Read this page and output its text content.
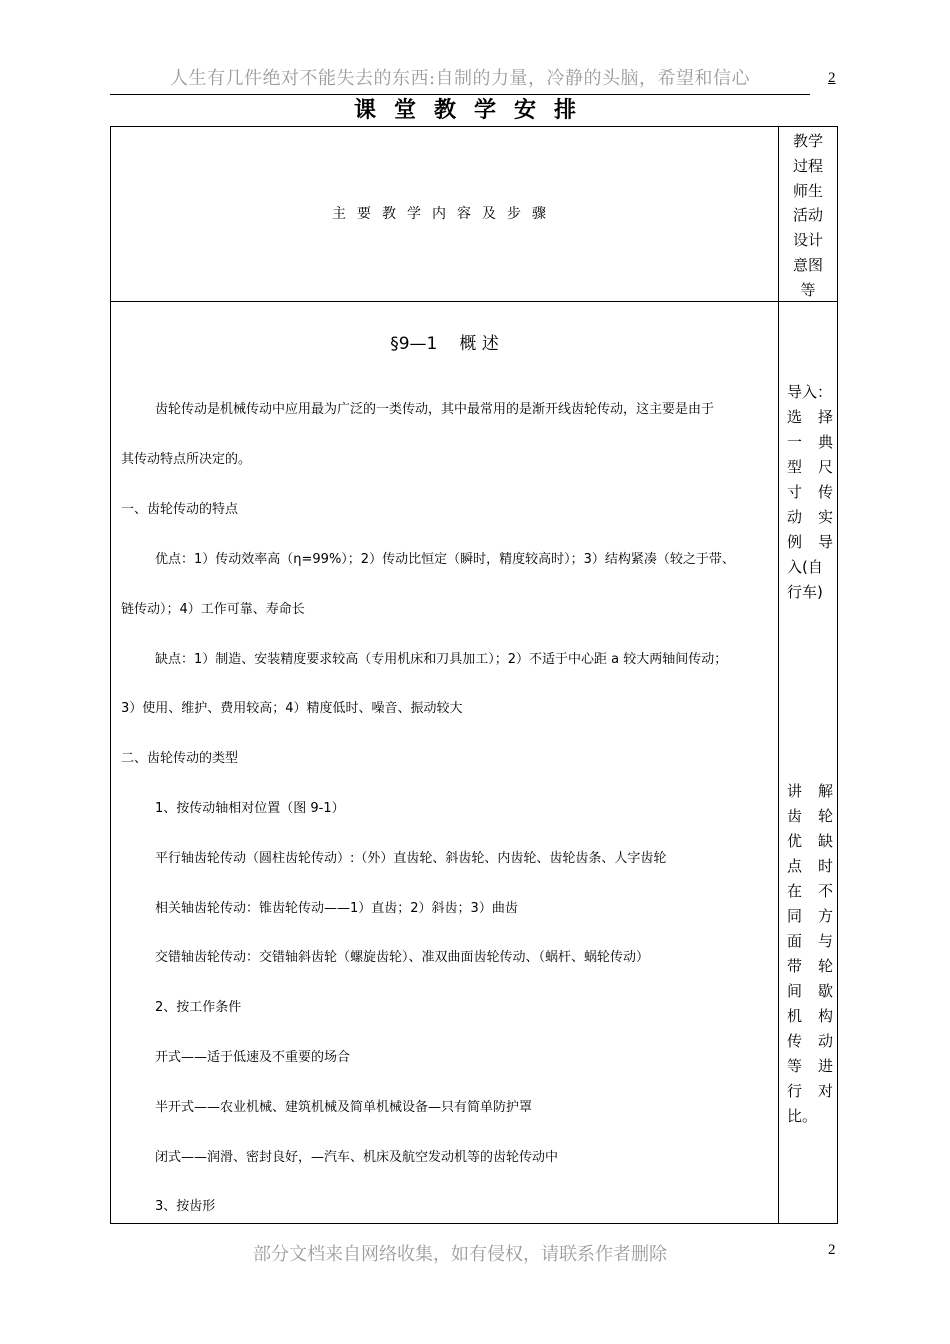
人生有几件绝对不能失去的东西:自制的力量，冷静的头脑，希望和信心	2
课堂教学安排
主要教学内容及步骤
教学
过程
师生
活动
设计
意图
等
§9—1 概 述
齿轮传动是机械传动中应用最为广泛的一类传动，其中最常用的是渐开线齿轮传动，这主要是由于
其传动特点所决定的。
一、齿轮传动的特点
优点：1）传动效率高（η=99%）；2）传动比恒定（瞬时，精度较高时）；3）结构紧凑（较之于带、
链传动）；4）工作可靠、寿命长
缺点：1）制造、安装精度要求较高（专用机床和刀具加工）；2）不适于中心距 a 较大两轴间传动；
3）使用、维护、费用较高；4）精度低时、噪音、振动较大
二、齿轮传动的类型
1、按传动轴相对位置（图 9-1）
平行轴齿轮传动（圆柱齿轮传动）:（外）直齿轮、斜齿轮、内齿轮、齿轮齿条、人字齿轮
相关轴齿轮传动：锥齿轮传动——1）直齿；2）斜齿；3）曲齿
交错轴齿轮传动：交错轴斜齿轮（螺旋齿轮）、准双曲面齿轮传动、（蜗杆、蜗轮传动）
2、按工作条件
开式——适于低速及不重要的场合
半开式——农业机械、建筑机械及简单机械设备—只有简单防护罩
闭式——润滑、密封良好，—汽车、机床及航空发动机等的齿轮传动中
3、按齿形
导入：
选 择
一 典
型 尺
寸 传
动 实
例 导
入(自
行车)
讲 解
齿 轮
优 缺
点 时
在 不
同 方
面 与
带 轮
间 歇
机 构
传 动
等 进
行 对
比。
部分文档来自网络收集，如有侵权，请联系作者删除	2
